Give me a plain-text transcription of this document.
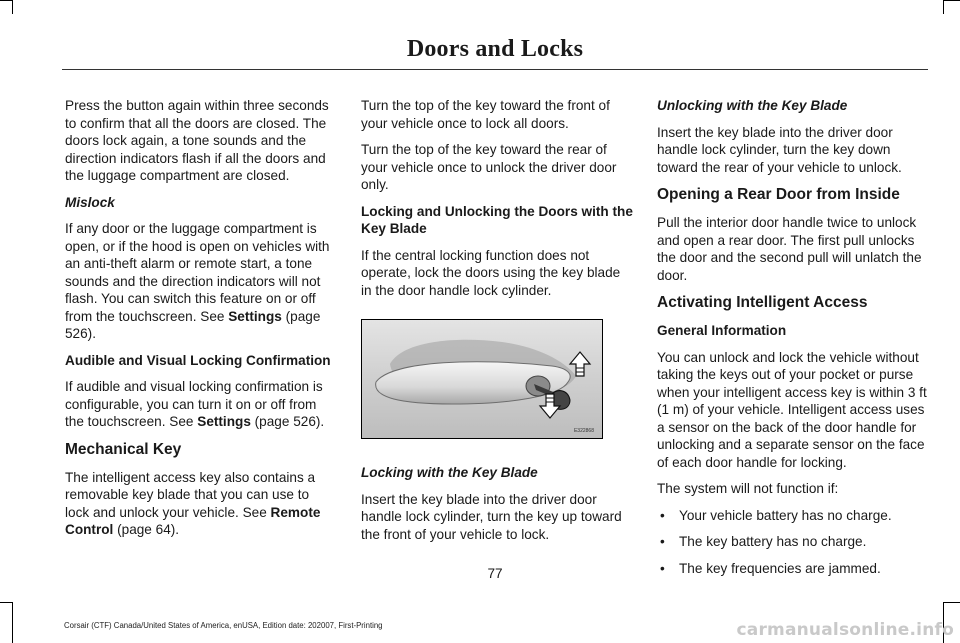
Doors and Locks

Press the button again within three seconds to confirm that all the doors are closed. The doors lock again, a tone sounds and the direction indicators flash if all the doors and the luggage compartment are closed.

Mislock

If any door or the luggage compartment is open, or if the hood is open on vehicles with an anti-theft alarm or remote start, a tone sounds and the direction indicators will not flash. You can switch this feature on or off from the touchscreen. See Settings (page 526).

Audible and Visual Locking Confirmation

If audible and visual locking confirmation is configurable, you can turn it on or off from the touchscreen. See Settings (page 526).

Mechanical Key

The intelligent access key also contains a removable key blade that you can use to lock and unlock your vehicle. See Remote Control (page 64).

Turn the top of the key toward the front of your vehicle once to lock all doors.

Turn the top of the key toward the rear of your vehicle once to unlock the driver door only.

Locking and Unlocking the Doors with the Key Blade

If the central locking function does not operate, lock the doors using the key blade in the door handle lock cylinder.

E322868

Locking with the Key Blade

Insert the key blade into the driver door handle lock cylinder, turn the key up toward the front of your vehicle to lock.

Unlocking with the Key Blade

Insert the key blade into the driver door handle lock cylinder, turn the key down toward the rear of your vehicle to unlock.

Opening a Rear Door from Inside

Pull the interior door handle twice to unlock and open a rear door. The first pull unlocks the door and the second pull will unlatch the door.

Activating Intelligent Access

General Information

You can unlock and lock the vehicle without taking the keys out of your pocket or purse when your intelligent access key is within 3 ft (1 m) of your vehicle. Intelligent access uses a sensor on the back of the door handle for unlocking and a separate sensor on the face of each door handle for locking.

The system will not function if:

• Your vehicle battery has no charge.
• The key battery has no charge.
• The key frequencies are jammed.
77
Corsair (CTF) Canada/United States of America, enUSA, Edition date: 202007, First-Printing	carmanualsonline.info
